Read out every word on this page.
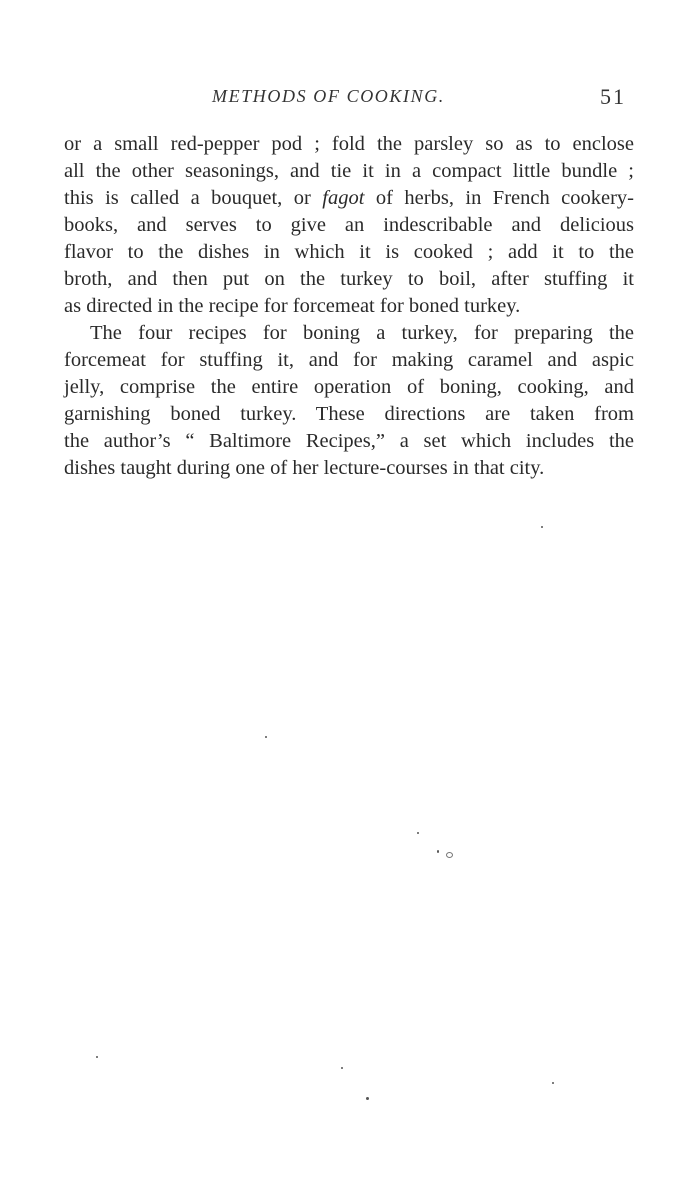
METHODS OF COOKING.	51
or a small red-pepper pod ; fold the parsley so as to enclose
all the other seasonings, and tie it in a compact little bundle ;
this is called a bouquet, or fagot of herbs, in French cookery-
books, and serves to give an indescribable and delicious
flavor to the dishes in which it is cooked ; add it to the
broth, and then put on the turkey to boil, after stuffing it
as directed in the recipe for forcemeat for boned turkey.
The four recipes for boning a turkey, for preparing the
forcemeat for stuffing it, and for making caramel and aspic
jelly, comprise the entire operation of boning, cooking, and
garnishing boned turkey. These directions are taken from
the author’s “ Baltimore Recipes,” a set which includes the
dishes taught during one of her lecture-courses in that city.
